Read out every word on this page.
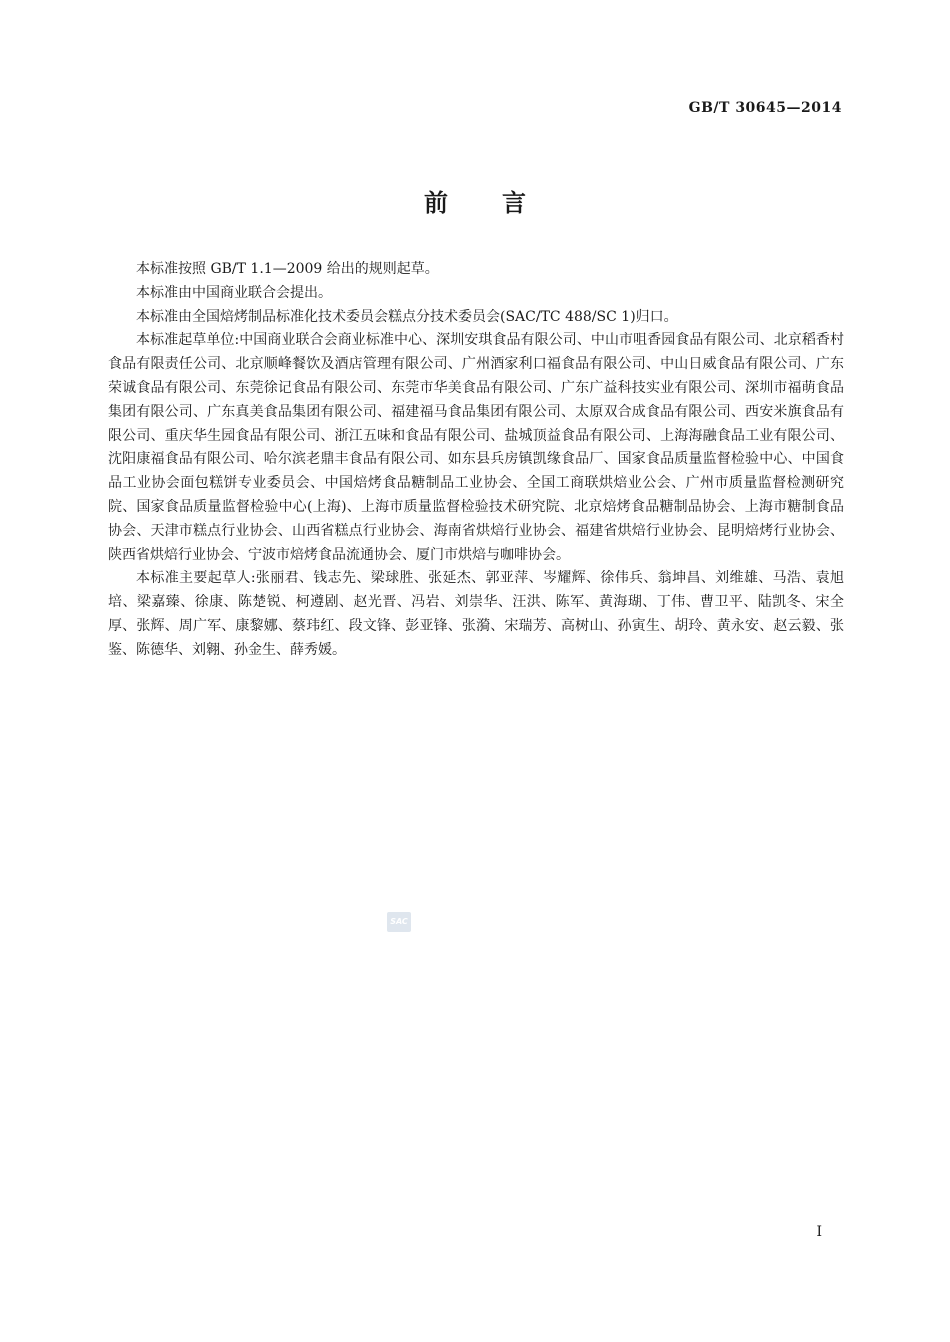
GB/T 30645—2014
前 言

本标准按照 GB/T 1.1—2009 给出的规则起草。

本标准由中国商业联合会提出。

本标准由全国焙烤制品标准化技术委员会糕点分技术委员会(SAC/TC 488/SC 1)归口。

本标准起草单位:中国商业联合会商业标准中心、深圳安琪食品有限公司、中山市咀香园食品有限公司、北京稻香村食品有限责任公司、北京顺峰餐饮及酒店管理有限公司、广州酒家利口福食品有限公司、中山日威食品有限公司、广东荣诚食品有限公司、东莞徐记食品有限公司、东莞市华美食品有限公司、广东广益科技实业有限公司、深圳市福萌食品集团有限公司、广东真美食品集团有限公司、福建福马食品集团有限公司、太原双合成食品有限公司、西安米旗食品有限公司、重庆华生园食品有限公司、浙江五味和食品有限公司、盐城顶益食品有限公司、上海海融食品工业有限公司、沈阳康福食品有限公司、哈尔滨老鼎丰食品有限公司、如东县兵房镇凯缘食品厂、国家食品质量监督检验中心、中国食品工业协会面包糕饼专业委员会、中国焙烤食品糖制品工业协会、全国工商联烘焙业公会、广州市质量监督检测研究院、国家食品质量监督检验中心(上海)、上海市质量监督检验技术研究院、北京焙烤食品糖制品协会、上海市糖制食品协会、天津市糕点行业协会、山西省糕点行业协会、海南省烘焙行业协会、福建省烘焙行业协会、昆明焙烤行业协会、陕西省烘焙行业协会、宁波市焙烤食品流通协会、厦门市烘焙与咖啡协会。

本标准主要起草人:张丽君、钱志先、梁球胜、张延杰、郭亚萍、岑耀辉、徐伟兵、翁坤昌、刘维雄、马浩、袁旭培、梁嘉臻、徐康、陈楚锐、柯遵剧、赵光晋、冯岩、刘崇华、汪洪、陈军、黄海瑚、丁伟、曹卫平、陆凯冬、宋全厚、张辉、周广军、康黎娜、蔡玮红、段文锋、彭亚锋、张漪、宋瑞芳、高树山、孙寅生、胡玲、黄永安、赵云毅、张鉴、陈德华、刘翱、孙金生、薛秀媛。

SAC
I
